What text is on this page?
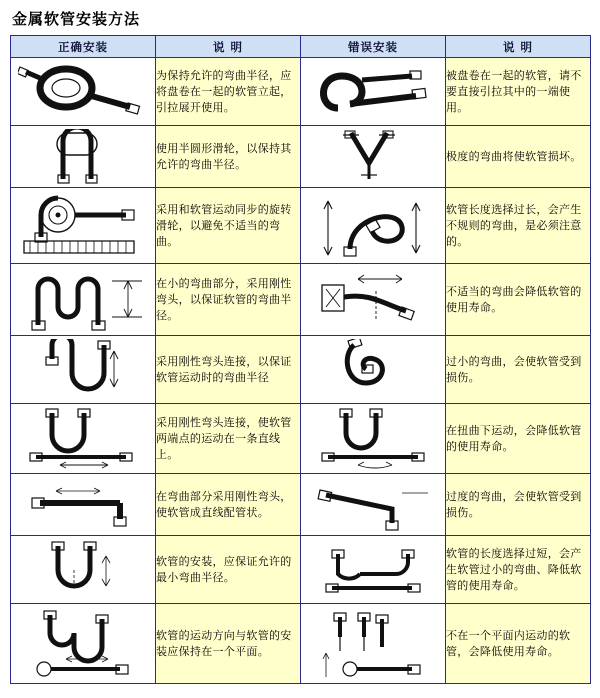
金属软管安装方法
正确安装	说 明	错误安装	说 明

	为保持允许的弯曲半径，应将盘卷在一起的软管立起，引拉展开使用。		被盘卷在一起的软管，请不要直接引拉其中的一端使用。

	使用半圆形滑轮，以保持其允许的弯曲半径。		极度的弯曲将使软管损坏。

	采用和软管运动同步的旋转滑轮，以避免不适当的弯曲。		软管长度选择过长，会产生不规则的弯曲，是必须注意的。

	在小的弯曲部分，采用刚性弯头，以保证软管的弯曲半径。		不适当的弯曲会降低软管的使用寿命。

	采用刚性弯头连接，以保证软管运动时的弯曲半径		过小的弯曲，会使软管受到损伤。

	采用刚性弯头连接，使软管两端点的运动在一条直线上。		在扭曲下运动，会降低软管的使用寿命。

	在弯曲部分采用刚性弯头，使软管成直线配管状。		过度的弯曲，会使软管受到损伤。

	软管的安装，应保证允许的最小弯曲半径。		软管的长度选择过短，会产生软管过小的弯曲、降低软管的使用寿命。

	软管的运动方向与软管的安装应保持在一个平面。		不在一个平面内运动的软管，会降低使用寿命。
